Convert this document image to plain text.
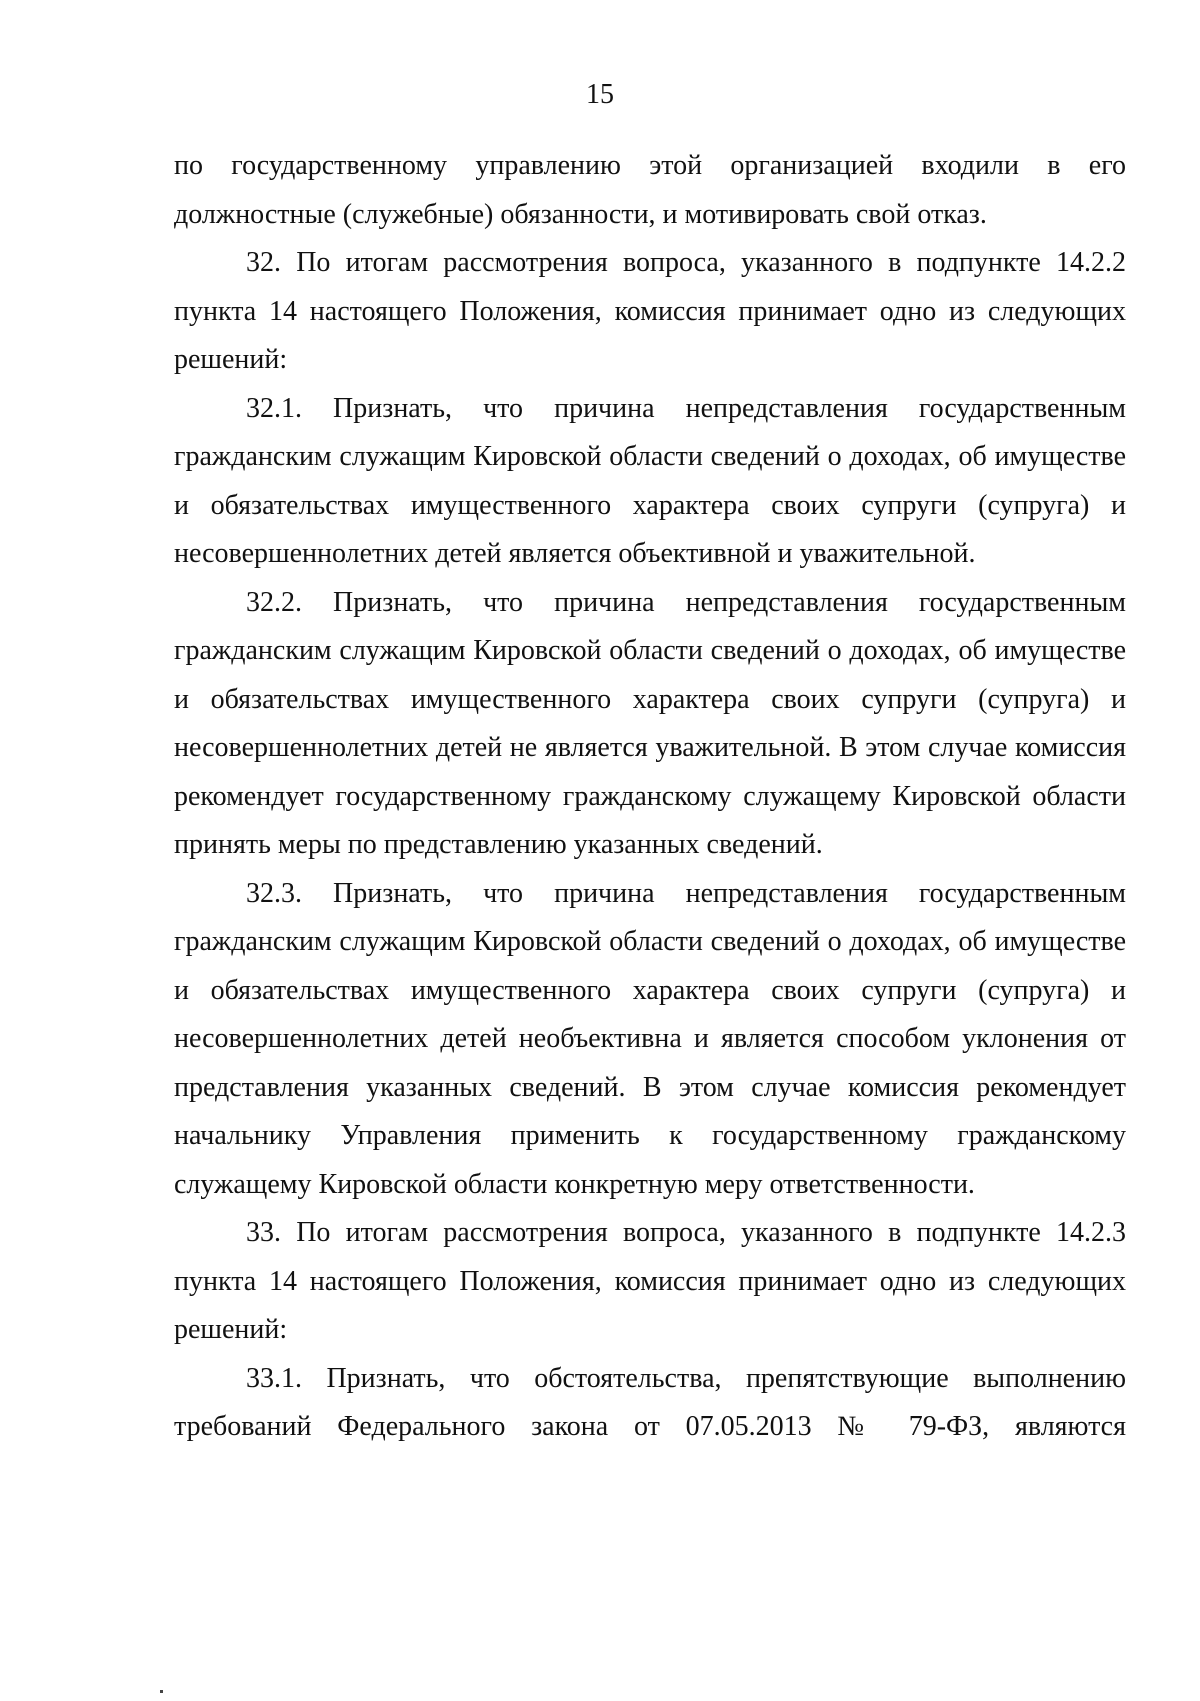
15

по государственному управлению этой организацией входили в его должностные (служебные) обязанности, и мотивировать свой отказ.

32. По итогам рассмотрения вопроса, указанного в подпункте 14.2.2 пункта 14 настоящего Положения, комиссия принимает одно из следующих решений:

32.1. Признать, что причина непредставления государственным гражданским служащим Кировской области сведений о доходах, об имуществе и обязательствах имущественного характера своих супруги (супруга) и несовершеннолетних детей является объективной и уважительной.

32.2. Признать, что причина непредставления государственным гражданским служащим Кировской области сведений о доходах, об имуществе и обязательствах имущественного характера своих супруги (супруга) и несовершеннолетних детей не является уважительной. В этом случае комиссия рекомендует государственному гражданскому служащему Кировской области принять меры по представлению указанных сведений.

32.3. Признать, что причина непредставления государственным гражданским служащим Кировской области сведений о доходах, об имуществе и обязательствах имущественного характера своих супруги (супруга) и несовершеннолетних детей необъективна и является способом уклонения от представления указанных сведений. В этом случае комиссия рекомендует начальнику Управления применить к государственному гражданскому служащему Кировской области конкретную меру ответственности.

33. По итогам рассмотрения вопроса, указанного в подпункте 14.2.3 пункта 14 настоящего Положения, комиссия принимает одно из следующих решений:

33.1. Признать, что обстоятельства, препятствующие выполнению требований Федерального закона от 07.05.2013 № 79-ФЗ, являются
